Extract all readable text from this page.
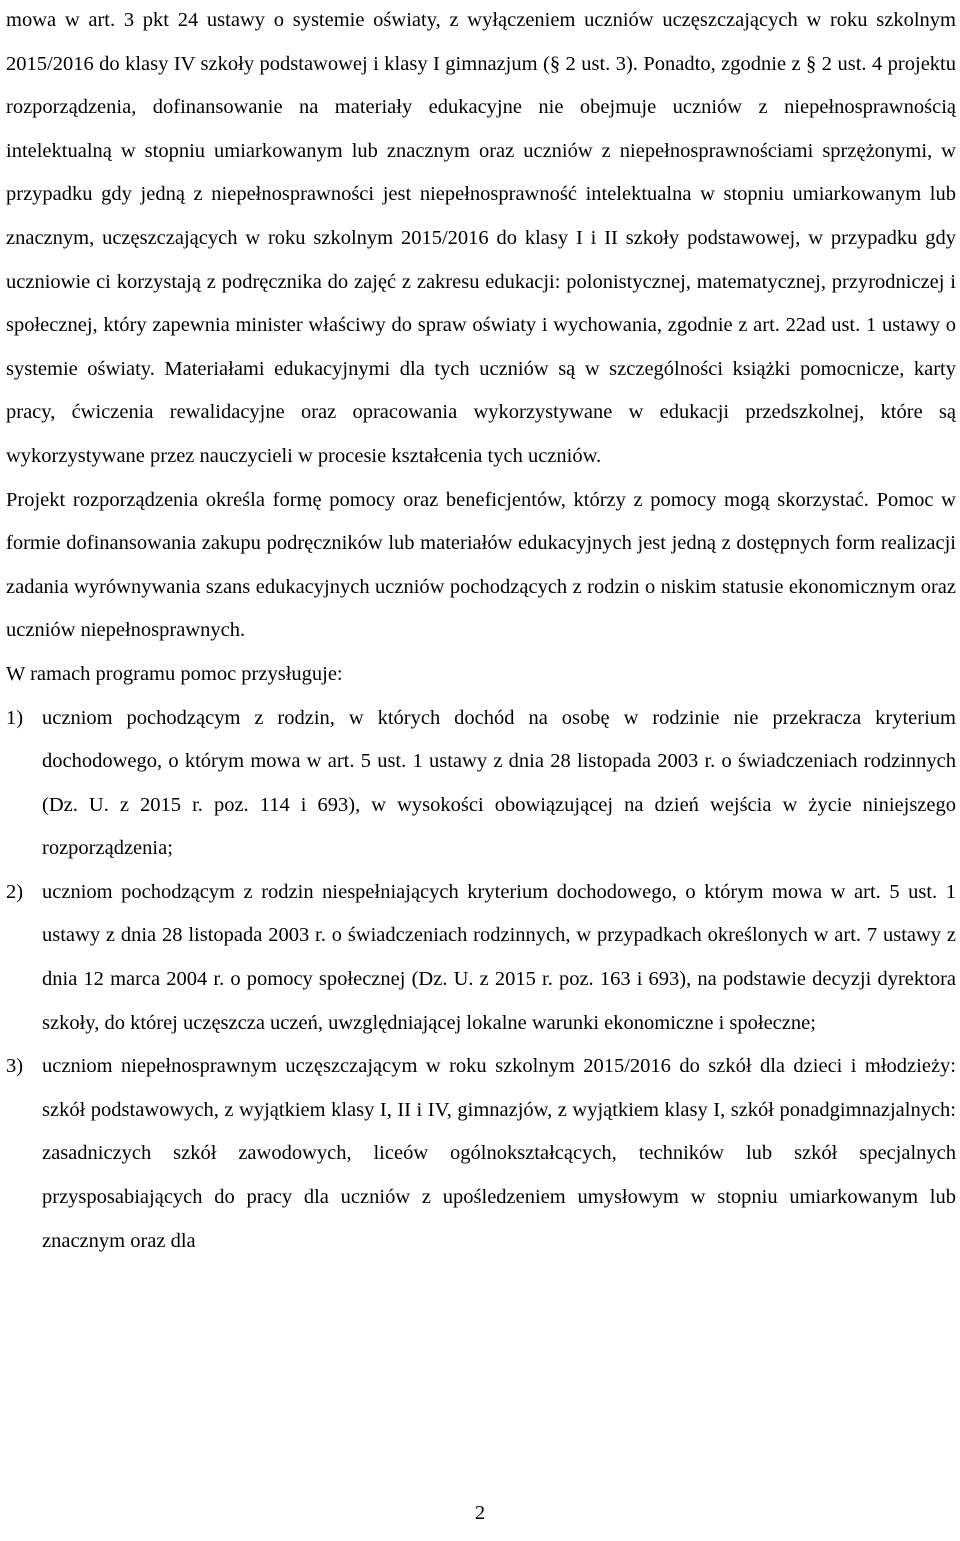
mowa w art. 3 pkt 24 ustawy o systemie oświaty, z wyłączeniem uczniów uczęszczających w roku szkolnym 2015/2016 do klasy IV szkoły podstawowej i klasy I gimnazjum (§ 2 ust. 3). Ponadto, zgodnie z § 2 ust. 4 projektu rozporządzenia, dofinansowanie na materiały edukacyjne nie obejmuje uczniów z niepełnosprawnością intelektualną w stopniu umiarkowanym lub znacznym oraz uczniów z niepełnosprawnościami sprzężonymi, w przypadku gdy jedną z niepełnosprawności jest niepełnosprawność intelektualna w stopniu umiarkowanym lub znacznym, uczęszczających w roku szkolnym 2015/2016 do klasy I i II szkoły podstawowej, w przypadku gdy uczniowie ci korzystają z podręcznika do zajęć z zakresu edukacji: polonistycznej, matematycznej, przyrodniczej i społecznej, który zapewnia minister właściwy do spraw oświaty i wychowania, zgodnie z art. 22ad ust. 1 ustawy o systemie oświaty. Materiałami edukacyjnymi dla tych uczniów są w szczególności książki pomocnicze, karty pracy, ćwiczenia rewalidacyjne oraz opracowania wykorzystywane w edukacji przedszkolnej, które są wykorzystywane przez nauczycieli w procesie kształcenia tych uczniów.

Projekt rozporządzenia określa formę pomocy oraz beneficjentów, którzy z pomocy mogą skorzystać. Pomoc w formie dofinansowania zakupu podręczników lub materiałów edukacyjnych jest jedną z dostępnych form realizacji zadania wyrównywania szans edukacyjnych uczniów pochodzących z rodzin o niskim statusie ekonomicznym oraz uczniów niepełnosprawnych.

W ramach programu pomoc przysługuje:

1) uczniom pochodzącym z rodzin, w których dochód na osobę w rodzinie nie przekracza kryterium dochodowego, o którym mowa w art. 5 ust. 1 ustawy z dnia 28 listopada 2003 r. o świadczeniach rodzinnych (Dz. U. z 2015 r. poz. 114 i 693), w wysokości obowiązującej na dzień wejścia w życie niniejszego rozporządzenia;
2) uczniom pochodzącym z rodzin niespełniających kryterium dochodowego, o którym mowa w art. 5 ust. 1 ustawy z dnia 28 listopada 2003 r. o świadczeniach rodzinnych, w przypadkach określonych w art. 7 ustawy z dnia 12 marca 2004 r. o pomocy społecznej (Dz. U. z 2015 r. poz. 163 i 693), na podstawie decyzji dyrektora szkoły, do której uczęszcza uczeń, uwzględniającej lokalne warunki ekonomiczne i społeczne;
3) uczniom niepełnosprawnym uczęszczającym w roku szkolnym 2015/2016 do szkół dla dzieci i młodzieży: szkół podstawowych, z wyjątkiem klasy I, II i IV, gimnazjów, z wyjątkiem klasy I, szkół ponadgimnazjalnych: zasadniczych szkół zawodowych, liceów ogólnokształcących, techników lub szkół specjalnych przysposabiających do pracy dla uczniów z upośledzeniem umysłowym w stopniu umiarkowanym lub znacznym oraz dla
2
